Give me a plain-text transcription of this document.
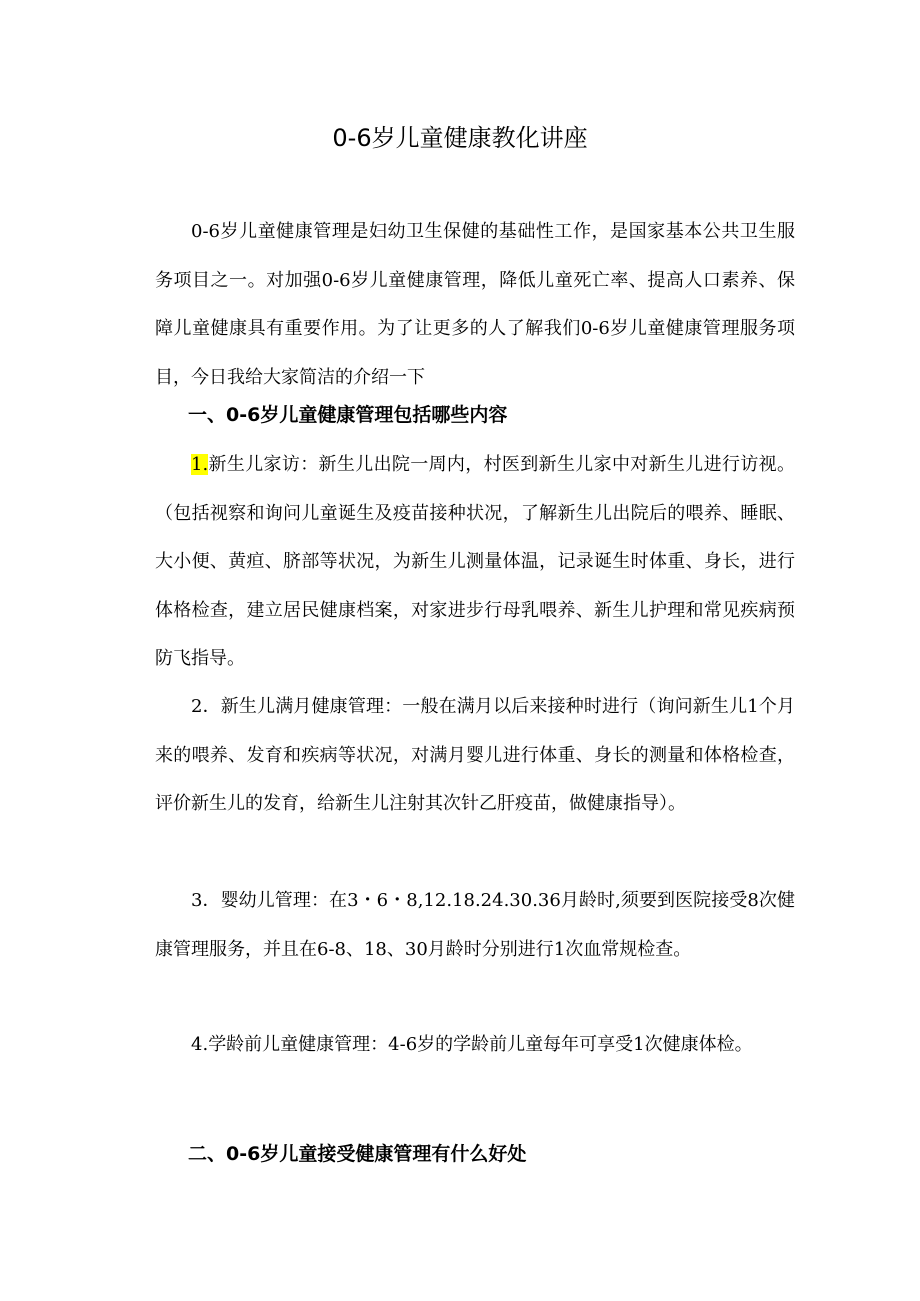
0-6岁儿童健康教化讲座

0-6岁儿童健康管理是妇幼卫生保健的基础性工作，是国家基本公共卫生服务项目之一。对加强0-6岁儿童健康管理，降低儿童死亡率、提高人口素养、保障儿童健康具有重要作用。为了让更多的人了解我们0-6岁儿童健康管理服务项目，今日我给大家简洁的介绍一下

一、0-6岁儿童健康管理包括哪些内容

1.新生儿家访：新生儿出院一周内，村医到新生儿家中对新生儿进行访视。（包括视察和询问儿童诞生及疫苗接种状况，了解新生儿出院后的喂养、睡眠、大小便、黄疸、脐部等状况，为新生儿测量体温，记录诞生时体重、身长，进行体格检查，建立居民健康档案，对家进步行母乳喂养、新生儿护理和常见疾病预防飞指导。

2．新生儿满月健康管理：一般在满月以后来接种时进行（询问新生儿1个月来的喂养、发育和疾病等状况，对满月婴儿进行体重、身长的测量和体格检查，评价新生儿的发育，给新生儿注射其次针乙肝疫苗，做健康指导）。

3．婴幼儿管理：在3・6・8,12.18.24.30.36月龄时,须要到医院接受8次健康管理服务，并且在6-8、18、30月龄时分别进行1次血常规检查。

4.学龄前儿童健康管理：4-6岁的学龄前儿童每年可享受1次健康体检。

二、0-6岁儿童接受健康管理有什么好处
